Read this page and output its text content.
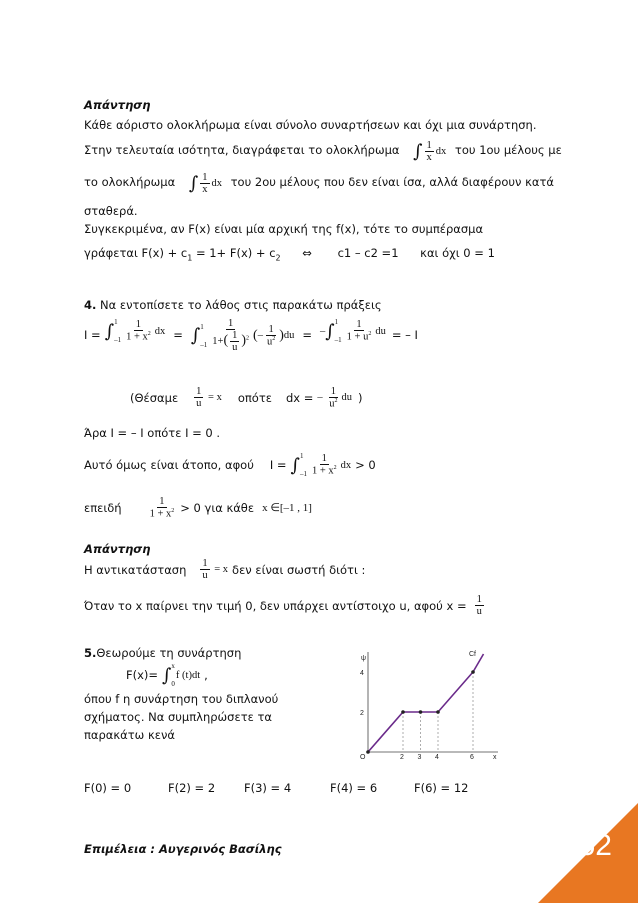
Απάντηση
Κάθε αόριστο ολοκλήρωμα είναι σύνολο συναρτήσεων και όχι μια συνάρτηση.
Στην τελευταία ισότητα, διαγράφεται το ολοκλήρωμα ∫ $\frac{1}{x}$ dx του 1ου μέλους με
το ολοκλήρωμα ∫ $\frac{1}{x}$ dx του 2ου μέλους που δεν είναι ίσα, αλλά διαφέρουν κατά
σταθερά.
Συγκεκριμένα, αν F(x) είναι μία αρχική της f(x), τότε το συμπέρασμα
γράφεται $F(x) + c_1 = 1+ F(x) + c_2$ ⇔ c1 – c2 =1 και όχι 0 = 1
4. Να εντοπίσετε το λάθος στις παρακάτω πράξεις
I = ∫ 1
$-1 \frac{1}{1 + x^2}$ dx = ∫ 1
$-1 \frac{1}{1+( \frac{1}{u} )^2}$ ( – $\frac{1}{u^2}$ ) du = – ∫ 1
$-1 \frac{1}{1 + u^2}$ du = – I
($\Theta έ\sigma\alpha\mu\varepsilon \frac{1}{u} = x$ οπότε dx = – $\frac{1}{u^2}$ du )
Άρα I = – I οπότε I = 0 .
Αυτό όμως είναι άτοπο, αφού I = ∫ 1
$-1 \frac{1}{1 + x^2}$ dx > 0
επειδή $\frac{1}{1 + x^2} > 0$ για κάθε x ∈[–1 , 1]
Απάντηση
Η αντικατάσταση $\frac{1}{u} = x$ δεν είναι σωστή διότι :
Όταν το x παίρνει την τιμή 0, δεν υπάρχει αντίστοιχο u, αφού $x = \frac{1}{u}$
5.Θεωρούμε τη συνάρτηση
F(x)= ∫ x
0
f (t)dt ,
όπου f η συνάρτηση του διπλανού
σχήματος. Να συμπληρώσετε τα
παρακάτω κενά
ψ
x
Cf
O	2 3 4	6
2
4
F(0) = 0	F(2) = 2	F(3) = 4	F(4) = 6	F(6) = 12
Επιμέλεια : Αυγερινός Βασίλης	62
